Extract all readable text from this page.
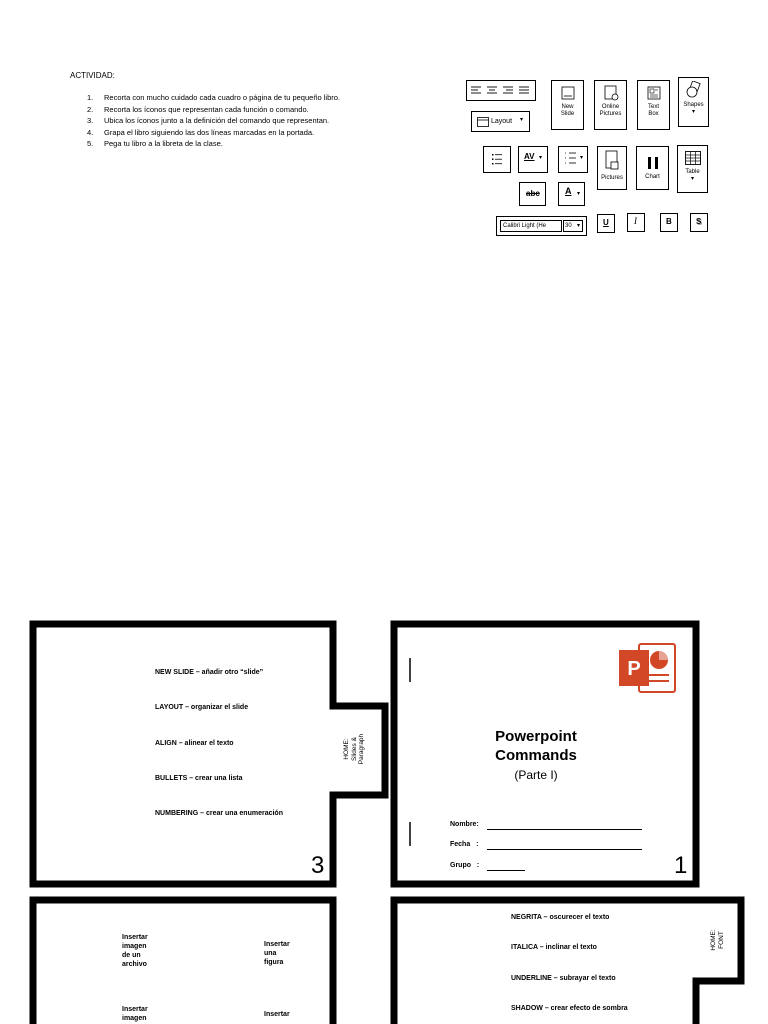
ACTIVIDAD:
1. Recorta con mucho cuidado cada cuadro o página de tu pequeño libro.
2. Recorta los íconos que representan cada función o comando.
3. Ubica los íconos junto a la definición del comando que representan.
4. Grapa el libro siguiendo las dos líneas marcadas en la portada.
5. Pega tu libro a la libreta de la clase.
Layout ▾
New
Slide
Online
Pictures
Text
Box
Shapes
▾
AV ▾	▾
Pictures	Chart
Table
▾
abc	A ▾
Calibri Light (He	30 ▾	U	I	B	S
NEW SLIDE – añadir otro “slide”
LAYOUT – organizar el slide
ALIGN – alinear el texto
BULLETS – crear una lista
NUMBERING – crear una enumeración
HOME: Slides & Paragraph
3
P
Powerpoint
Commands
(Parte I)
Nombre:
Fecha   :
Grupo   :	1
Insertar
imagen
de un
archivo
Insertar
una
figura
Insertar
imagen
Insertar
NEGRITA – oscurecer el texto
ITALICA – inclinar el texto
UNDERLINE – subrayar el texto
SHADOW – crear efecto de sombra
HOME: FONT
